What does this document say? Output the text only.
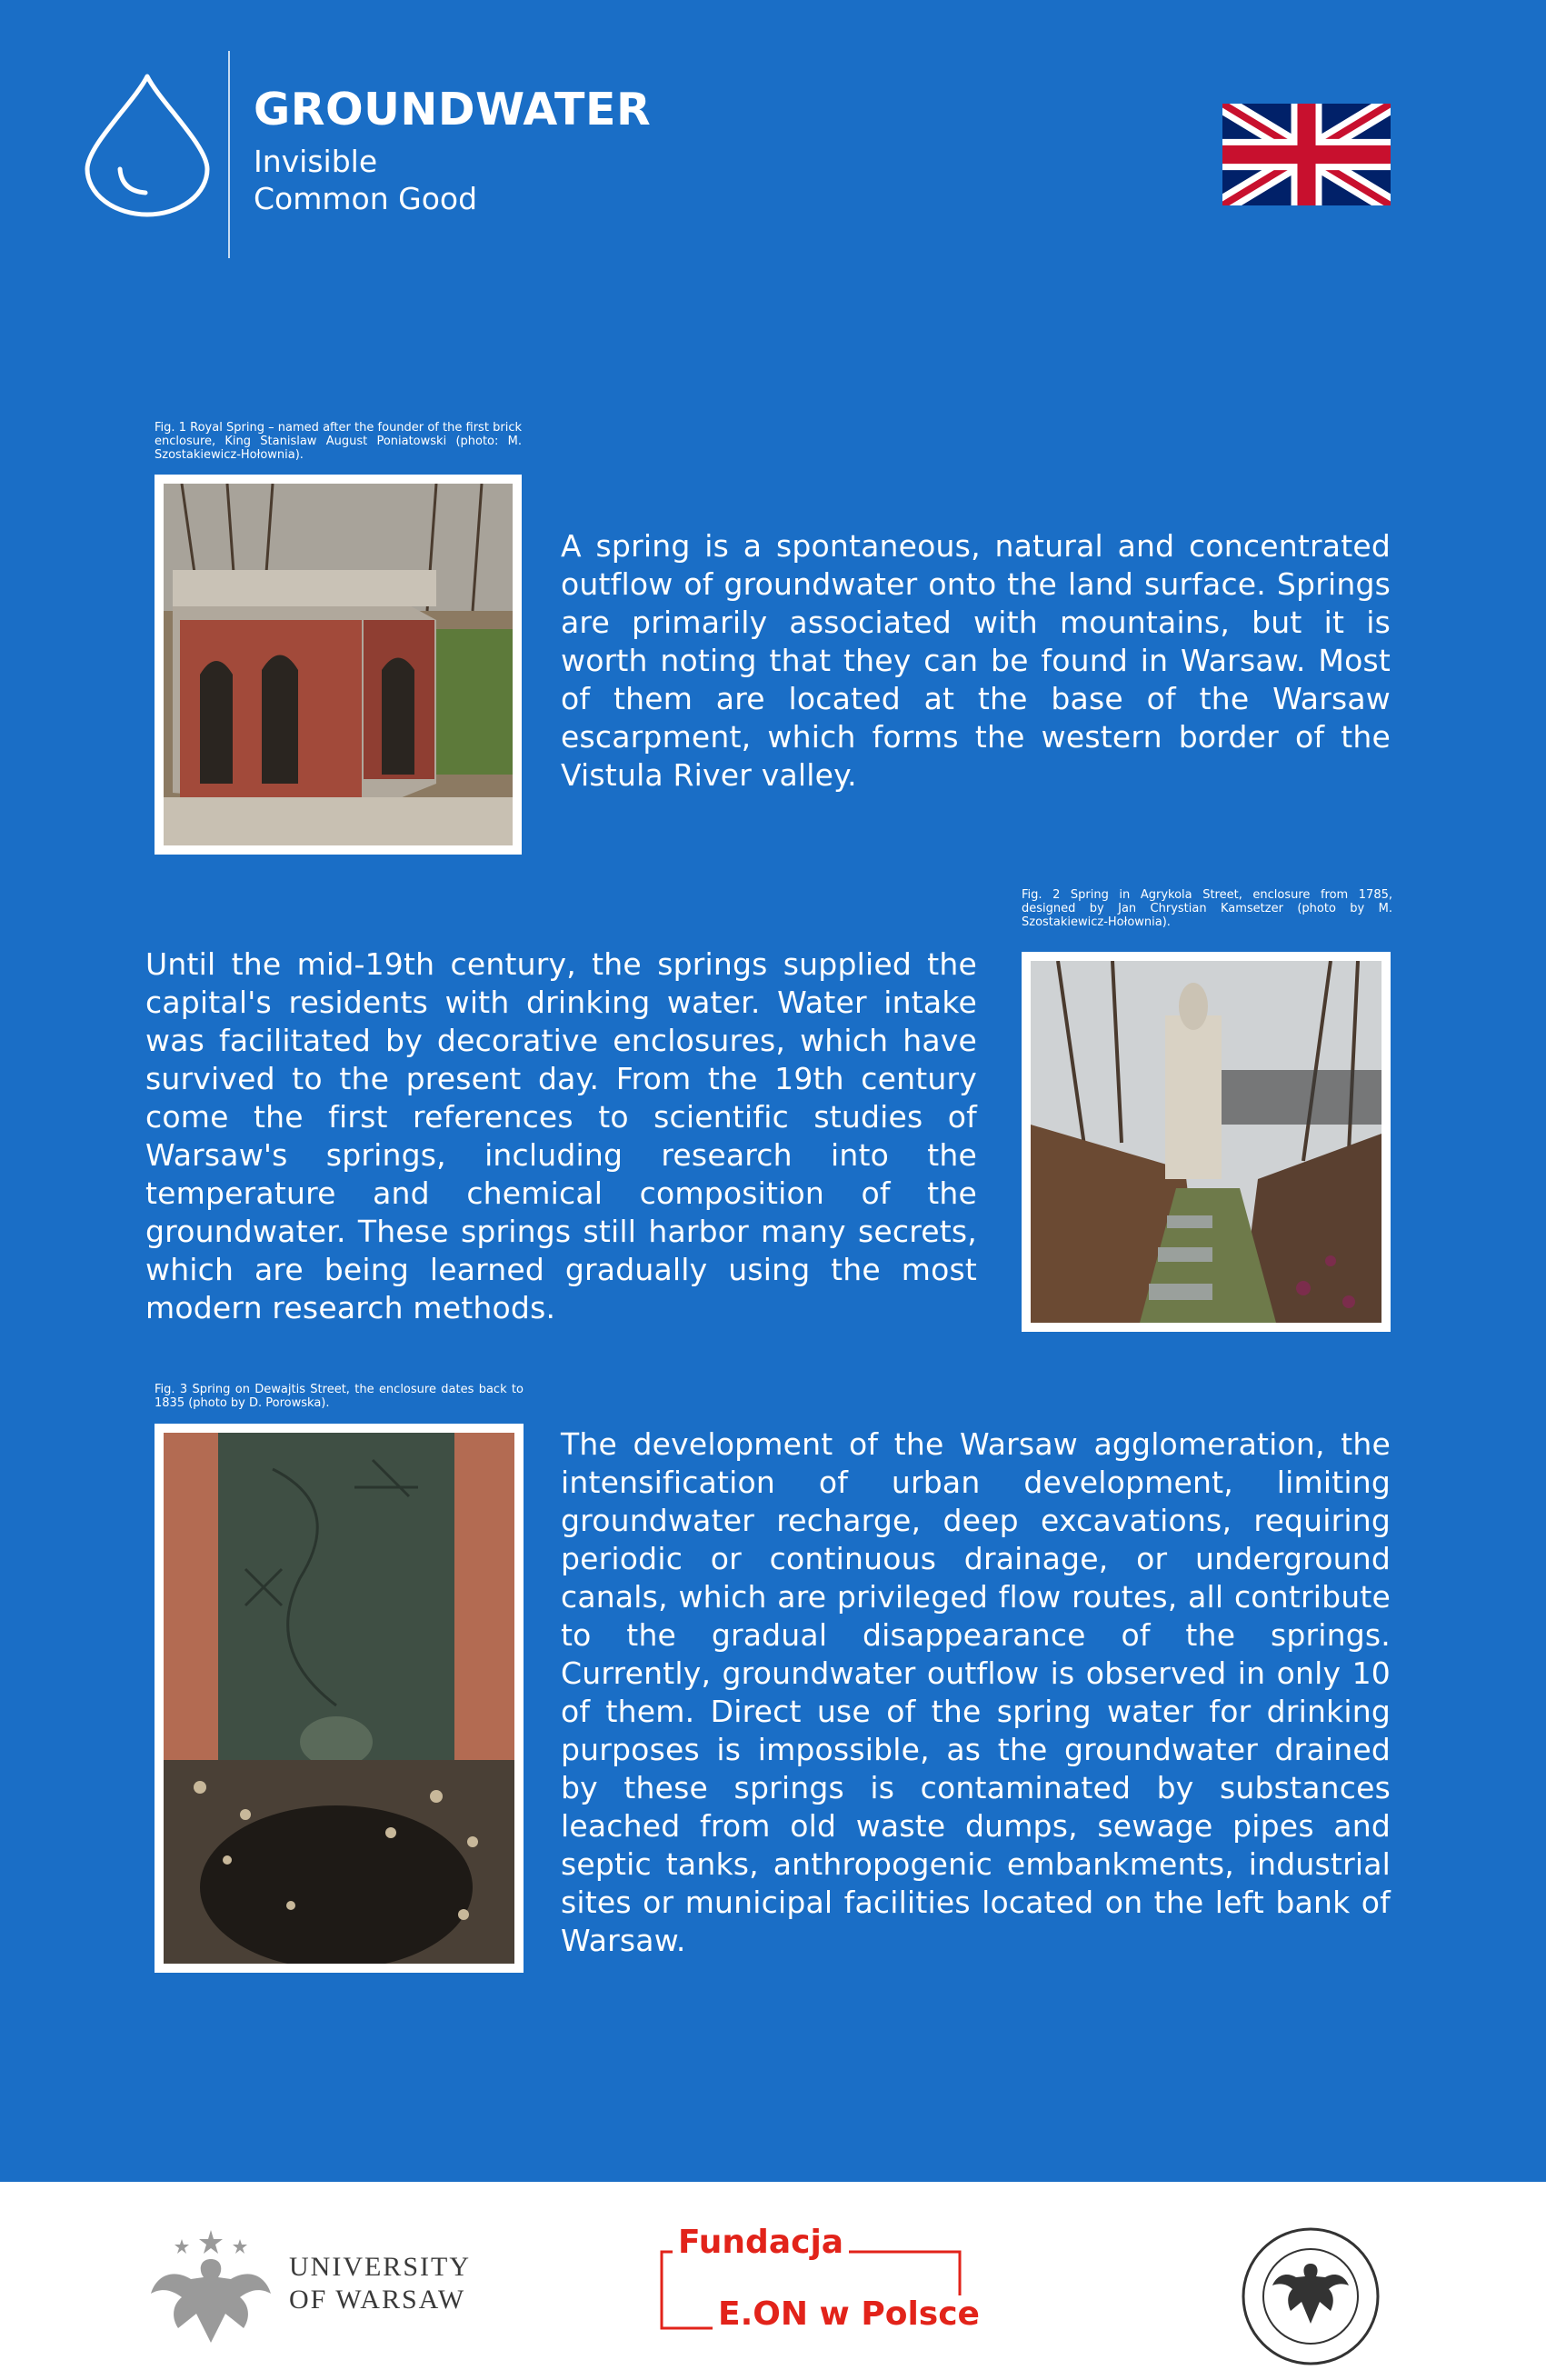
GROUNDWATER
Invisible
Common Good
Fig. 1 Royal Spring – named after the founder of the first brick enclosure, King Stanislaw August Poniatowski (photo: M. Szostakiewicz-Hołownia).
A spring is a spontaneous, natural and concentrated outflow of groundwater onto the land surface. Springs are primarily associated with mountains, but it is worth noting that they can be found in Warsaw. Most of them are located at the base of the Warsaw escarpment, which forms the western border of the Vistula River valley.
Fig. 2 Spring in Agrykola Street, enclosure from 1785, designed by Jan Chrystian Kamsetzer (photo by M. Szostakiewicz-Hołownia).
Until the mid-19th century, the springs supplied the capital's residents with drinking water. Water intake was facilitated by decorative enclosures, which have survived to the present day. From the 19th century come the first references to scientific studies of Warsaw's springs, including research into the temperature and chemical composition of the groundwater. These springs still harbor many secrets, which are being learned gradually using the most modern research methods.
Fig. 3 Spring on Dewajtis Street, the enclosure dates back to 1835 (photo by D. Porowska).
The development of the Warsaw agglomeration, the intensification of urban development, limiting groundwater recharge, deep excavations, requiring periodic or continuous drainage, or underground canals, which are privileged flow routes, all contribute to the gradual disappearance of the springs. Currently, groundwater outflow is observed in only 10 of them. Direct use of the spring water for drinking purposes is impossible, as the groundwater drained by these springs is contaminated by substances leached from old waste dumps, sewage pipes and septic tanks, anthropogenic embankments, industrial sites or municipal facilities located on the left bank of Warsaw.
UNIVERSITY
OF WARSAW
Fundacja
E.ON w Polsce
